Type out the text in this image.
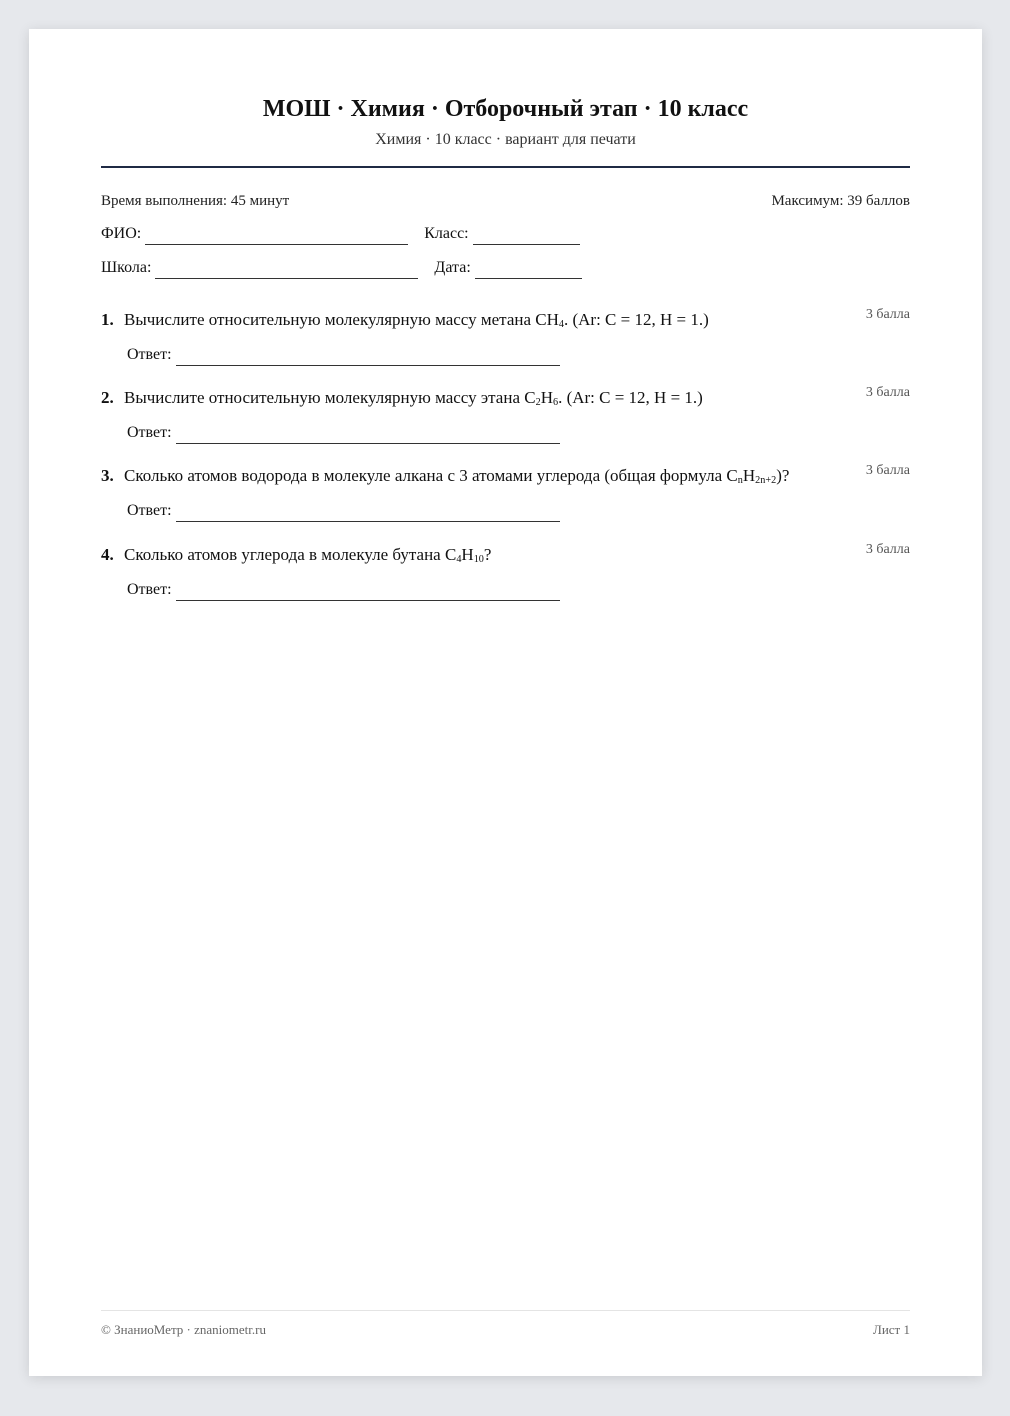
МОШ · Химия · Отборочный этап · 10 класс
Химия · 10 класс · вариант для печати
Время выполнения: 45 минут	Максимум: 39 баллов
ФИО:	Класс:
Школа:	Дата:
1. Вычислите относительную молекулярную массу метана $CH_4$. (Ar: C = 12, H = 1.)	3 балла
Ответ:
2. Вычислите относительную молекулярную массу этана $C_2H_6$. (Ar: C = 12, H = 1.)	3 балла
Ответ:
3. Сколько атомов водорода в молекуле алкана с 3 атомами углерода (общая формула $C_nH_{2n+2}$)?	3 балла
Ответ:
4. Сколько атомов углерода в молекуле бутана $C_4H_{10}$?	3 балла
Ответ:
© ЗнаниоМетр · znaniometr.ru	Лист 1
